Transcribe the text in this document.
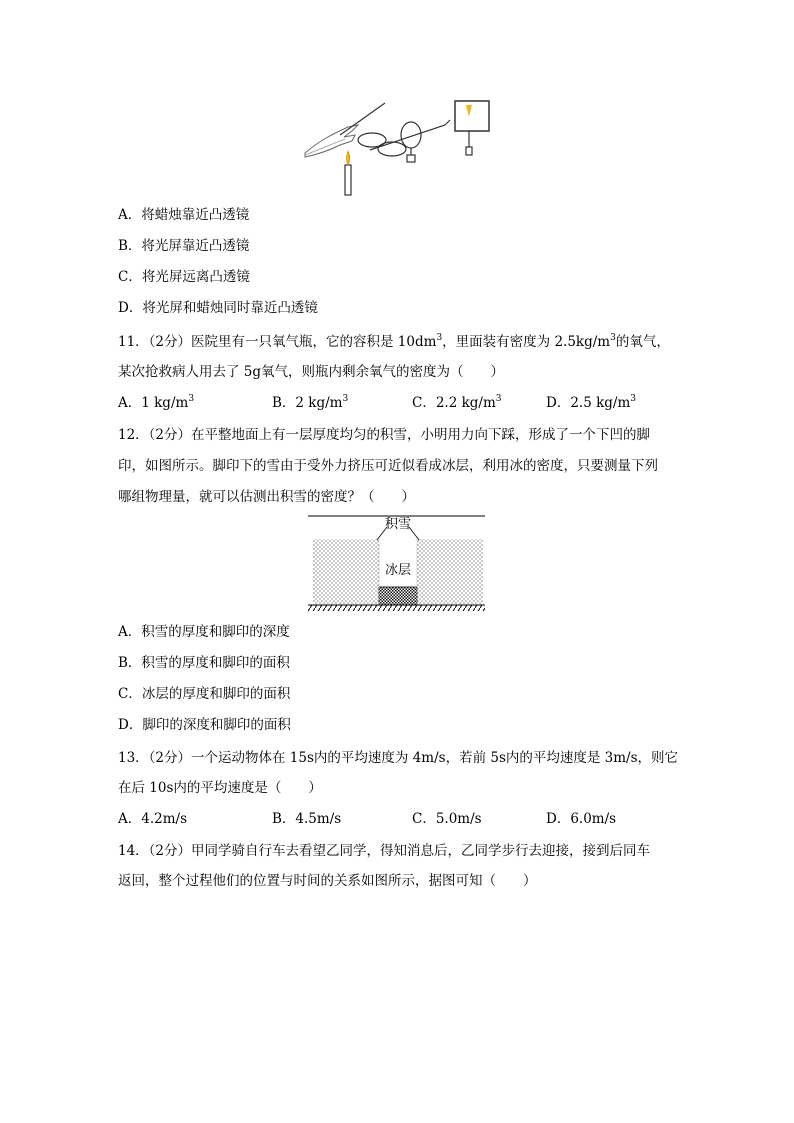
A．将蜡烛靠近凸透镜
B．将光屏靠近凸透镜
C．将光屏远离凸透镜
D．将光屏和蜡烛同时靠近凸透镜
11．（2分）医院里有一只氧气瓶，它的容积是 $10dm^3$，里面装有密度为 $2.5kg/m^3$的氧气，
某次抢救病人用去了 5g氧气，则瓶内剩余氧气的密度为（　　）
A．1 $kg/m^3$	B．2 $kg/m^3$	C．2.2 $kg/m^3$	D．2.5 $kg/m^3$
12．（2分）在平整地面上有一层厚度均匀的积雪，小明用力向下踩，形成了一个下凹的脚
印，如图所示。脚印下的雪由于受外力挤压可近似看成冰层，利用冰的密度，只要测量下列
哪组物理量，就可以估测出积雪的密度？（　　）
积雪
冰层
A．积雪的厚度和脚印的深度
B．积雪的厚度和脚印的面积
C．冰层的厚度和脚印的面积
D．脚印的深度和脚印的面积
13．（2分）一个运动物体在 15s内的平均速度为 4m/s，若前 5s内的平均速度是 3m/s，则它
在后 10s内的平均速度是（　　）
A．4.2m/s	B．4.5m/s	C．5.0m/s	D．6.0m/s
14．（2分）甲同学骑自行车去看望乙同学，得知消息后，乙同学步行去迎接，接到后同车
返回，整个过程他们的位置与时间的关系如图所示，据图可知（　　）
